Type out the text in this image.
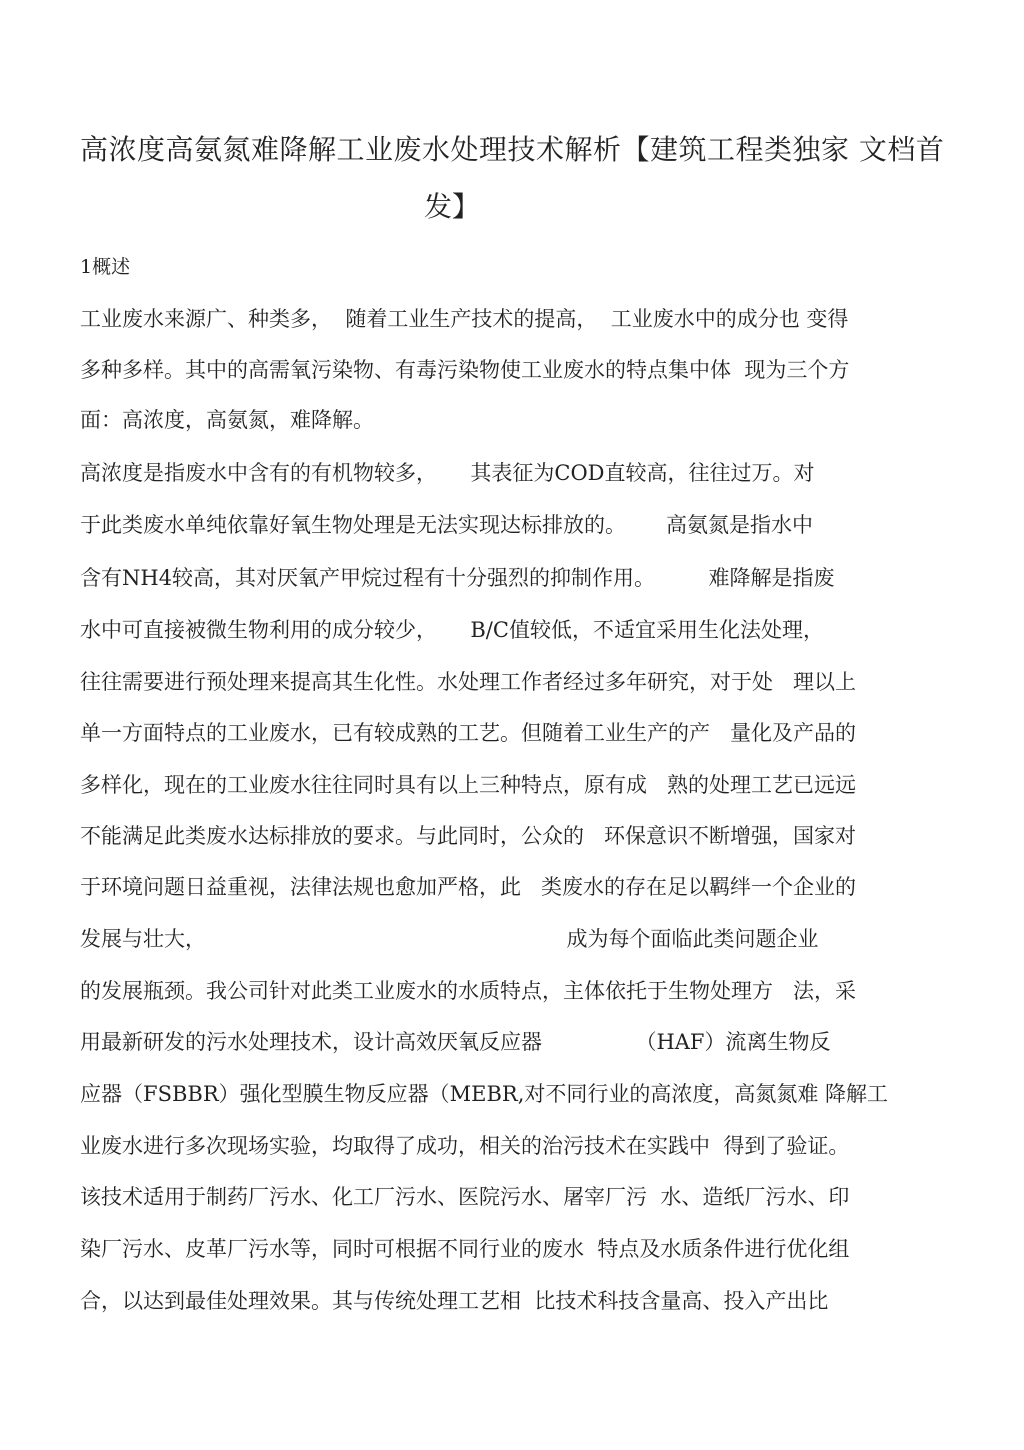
高浓度高氨氮难降解工业废水处理技术解析【建筑工程类独家 文档首
发】
1概述
工业废水来源广、种类多，  随着工业生产技术的提高，  工业废水中的成分也 变得
多种多样。其中的高需氧污染物、有毒污染物使工业废水的特点集中体  现为三个方
面：高浓度，高氨氮，难降解。
高浓度是指废水中含有的有机物较多，     其表征为COD直较高，往往过万。对
于此类废水单纯依靠好氧生物处理是无法实现达标排放的。      高氨氮是指水中
含有NH4较高，其对厌氧产甲烷过程有十分强烈的抑制作用。        难降解是指废
水中可直接被微生物利用的成分较少，     B/C值较低，不适宜采用生化法处理，
往往需要进行预处理来提高其生化性。水处理工作者经过多年研究，对于处   理以上
单一方面特点的工业废水，已有较成熟的工艺。但随着工业生产的产   量化及产品的
多样化，现在的工业废水往往同时具有以上三种特点，原有成   熟的处理工艺已远远
不能满足此类废水达标排放的要求。与此同时，公众的   环保意识不断增强，国家对
于环境问题日益重视，法律法规也愈加严格，此   类废水的存在足以羁绊一个企业的
发展与壮大，                                                      成为每个面临此类问题企业
的发展瓶颈。我公司针对此类工业废水的水质特点，主体依托于生物处理方   法，采
用最新研发的污水处理技术，设计高效厌氧反应器              （HAF）流离生物反
应器（FSBBR）强化型膜生物反应器（MEBR,对不同行业的高浓度，高氮氮难 降解工
业废水进行多次现场实验，均取得了成功，相关的治污技术在实践中  得到了验证。
该技术适用于制药厂污水、化工厂污水、医院污水、屠宰厂污  水、造纸厂污水、印
染厂污水、皮革厂污水等，同时可根据不同行业的废水  特点及水质条件进行优化组
合，以达到最佳处理效果。其与传统处理工艺相  比技术科技含量高、投入产出比
